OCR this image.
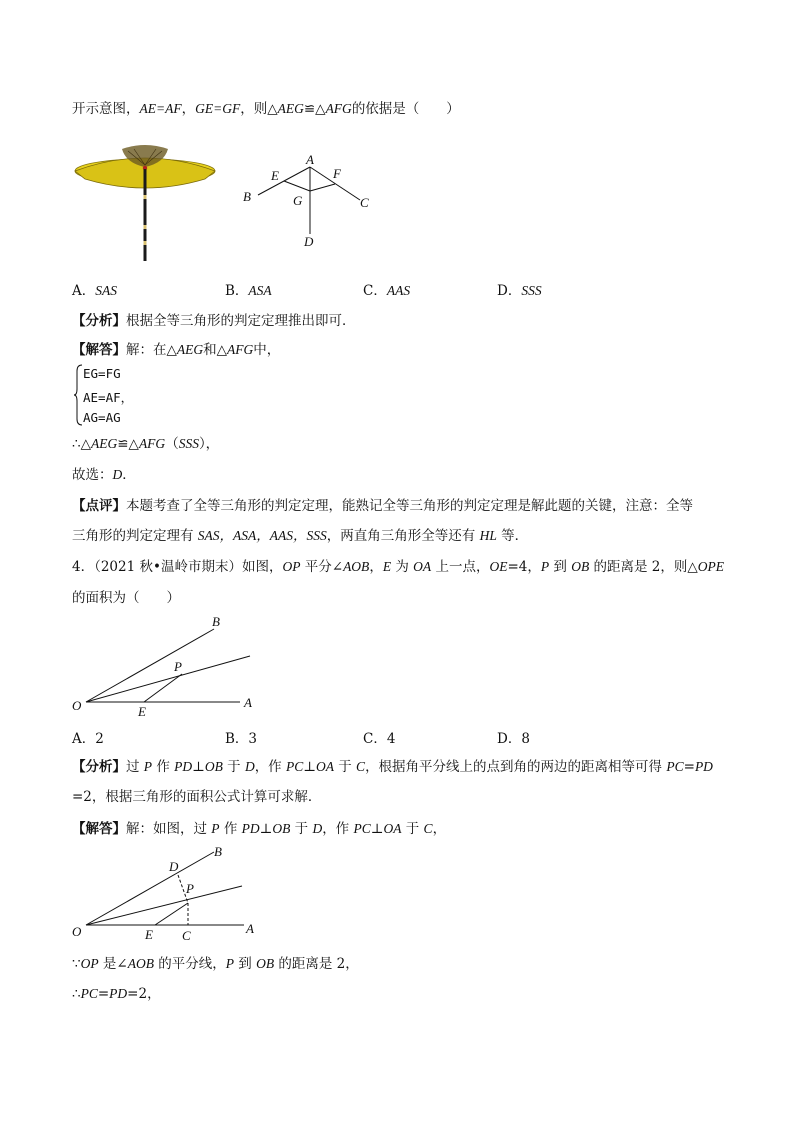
开示意图，AE=AF，GE=GF，则△AEG≌△AFG的依据是（　　）
A
E	F
B	G	C
D
A．SAS	B．ASA	C．AAS	D．SSS
【分析】根据全等三角形的判定定理推出即可．
【解答】解：在△AEG和△AFG中，
EG=FG
AE=AF，
AG=AG
∴△AEG≌△AFG（SSS），
故选：D．
【点评】本题考查了全等三角形的判定定理，能熟记全等三角形的判定定理是解此题的关键，注意：全等
三角形的判定定理有 SAS，ASA，AAS，SSS，两直角三角形全等还有 HL 等．
4．（2021 秋•温岭市期末）如图，OP 平分∠AOB，E 为 OA 上一点，OE=4，P 到 OB 的距离是 2，则△OPE
的面积为（　　）
B
P
O	E
A
A．2	B．3	C．4	D．8
【分析】过 P 作 PD⊥OB 于 D，作 PC⊥OA 于 C，根据角平分线上的点到角的两边的距离相等可得 PC=PD
=2，根据三角形的面积公式计算可求解．
【解答】解：如图，过 P 作 PD⊥OB 于 D，作 PC⊥OA 于 C，
D
B
P
O	E C	A
∵OP 是∠AOB 的平分线，P 到 OB 的距离是 2，
∴PC=PD=2，
